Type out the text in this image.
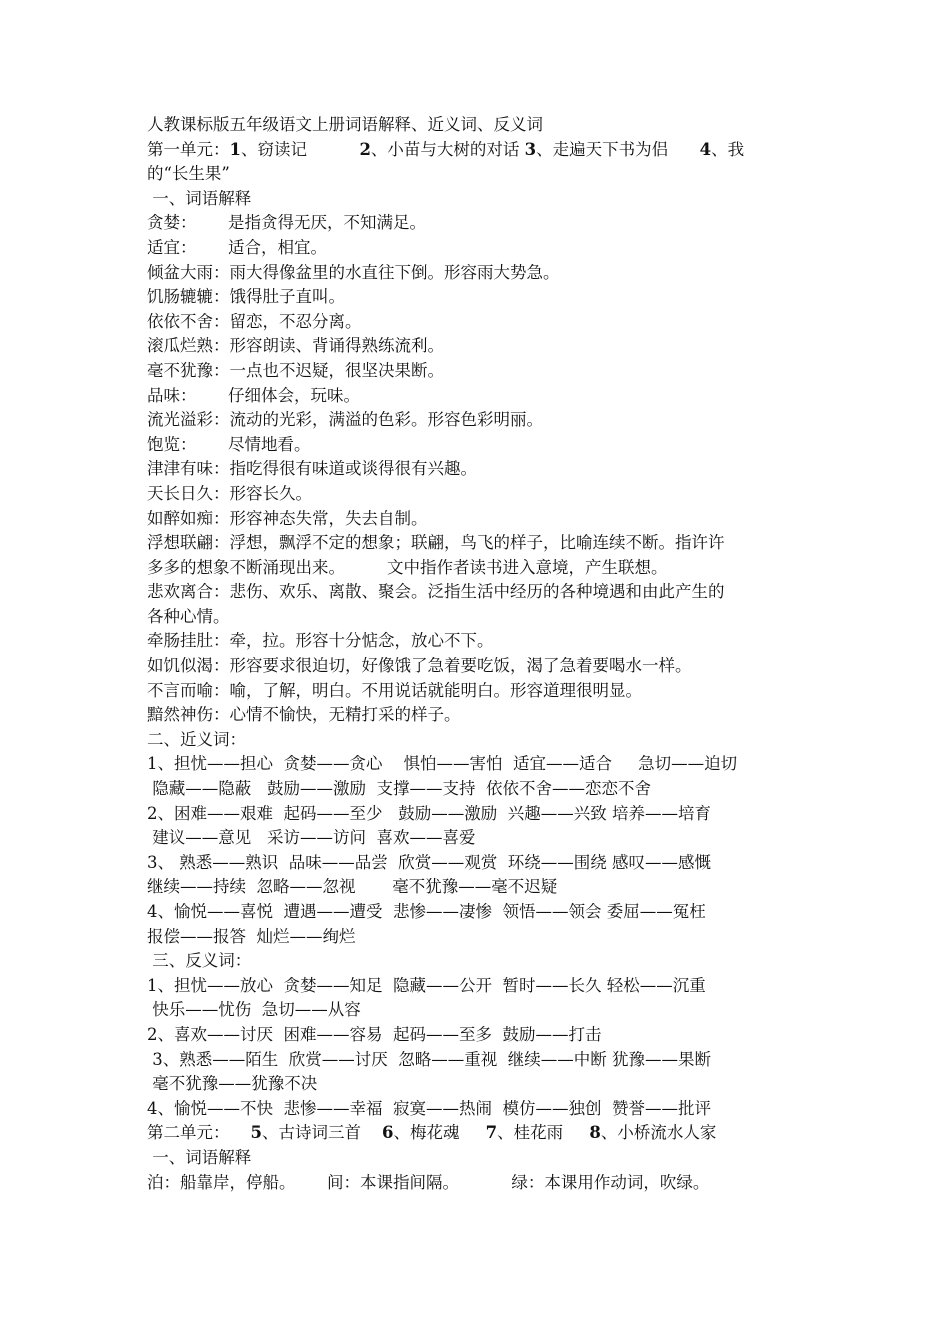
人教课标版五年级语文上册词语解释、近义词、反义词
第一单元：1、窃读记	2、小苗与大树的对话 3、走遍天下书为侣 4、我
的“长生果”
一、词语解释
贪婪：      是指贪得无厌，不知满足。
适宜：      适合，相宜。
倾盆大雨：雨大得像盆里的水直往下倒。形容雨大势急。
饥肠辘辘：饿得肚子直叫。
依依不舍：留恋，不忍分离。
滚瓜烂熟：形容朗读、背诵得熟练流利。
毫不犹豫：一点也不迟疑，很坚决果断。
品味：      仔细体会，玩味。
流光溢彩：流动的光彩，满溢的色彩。形容色彩明丽。
饱览：      尽情地看。
津津有味：指吃得很有味道或谈得很有兴趣。
天长日久：形容长久。
如醉如痴：形容神态失常，失去自制。
浮想联翩：浮想，飘浮不定的想象；联翩，鸟飞的样子，比喻连续不断。指许许
多多的想象不断涌现出来。        文中指作者读书进入意境，产生联想。
悲欢离合：悲伤、欢乐、离散、聚会。泛指生活中经历的各种境遇和由此产生的
各种心情。
牵肠挂肚：牵，拉。形容十分惦念，放心不下。
如饥似渴：形容要求很迫切，好像饿了急着要吃饭，渴了急着要喝水一样。
不言而喻：喻，了解，明白。不用说话就能明白。形容道理很明显。
黯然神伤：心情不愉快，无精打采的样子。
二、近义词：
1、担忧——担心  贪婪——贪心    惧怕——害怕  适宜——适合     急切——迫切
隐藏——隐蔽   鼓励——激励  支撑——支持  依依不舍——恋恋不舍
2、困难——艰难  起码——至少   鼓励——激励  兴趣——兴致 培养——培育
建议——意见   采访——访问  喜欢——喜爱
3、 熟悉——熟识  品味——品尝  欣赏——观赏  环绕——围绕 感叹——感慨
继续——持续  忽略——忽视       毫不犹豫——毫不迟疑
4、愉悦——喜悦  遭遇——遭受  悲惨——凄惨  领悟——领会 委屈——冤枉
报偿——报答  灿烂——绚烂
三、反义词：
1、担忧——放心  贪婪——知足  隐藏——公开  暂时——长久 轻松——沉重
快乐——忧伤  急切——从容
2、喜欢——讨厌  困难——容易  起码——至多  鼓励——打击
3、熟悉——陌生  欣赏——讨厌  忽略——重视  继续——中断 犹豫——果断
毫不犹豫——犹豫不决
4、愉悦——不快  悲惨——幸福  寂寞——热闹  模仿——独创  赞誉——批评
第二单元： 5、古诗词三首 6、梅花魂 7、桂花雨 8、小桥流水人家
一、词语解释
泊：船靠岸，停船。      间：本课指间隔。          绿：本课用作动词，吹绿。
